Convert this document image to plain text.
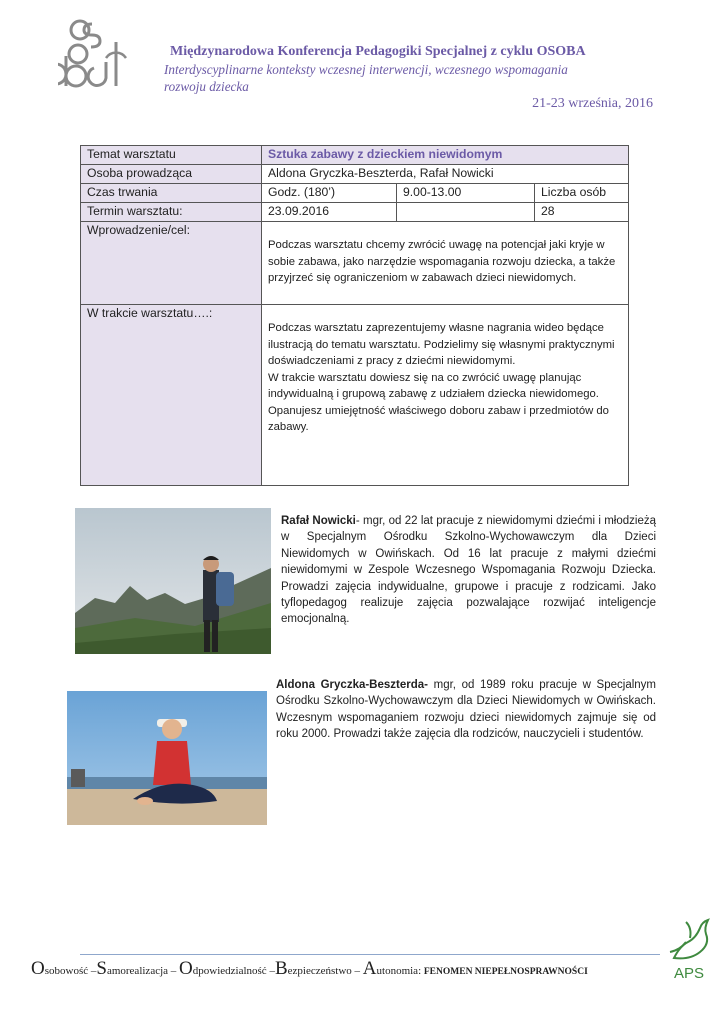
Międzynarodowa Konferencja Pedagogiki Specjalnej z cyklu OSOBA
Interdyscyplinarne konteksty wczesnej interwencji, wczesnego wspomagania
rozwoju dziecka
21-23 września, 2016
Temat warsztatu	Sztuka zabawy z dzieckiem niewidomym		
Osoba prowadząca	Aldona Gryczka-Beszterda, Rafał Nowicki		
Czas trwania	Godz. (180’)	9.00-13.00	Liczba osób
Termin warsztatu:	23.09.2016		28
Wprowadzenie/cel:	Podczas warsztatu chcemy zwrócić uwagę na potencjał jaki kryje w sobie zabawa, jako narzędzie wspomagania rozwoju dziecka, a także przyjrzeć się ograniczeniom w zabawach dzieci niewidomych.		

W trakcie warsztatu….:	Podczas warsztatu zaprezentujemy własne nagrania wideo będące ilustracją do tematu warsztatu. Podzielimy się własnymi praktycznymi doświadczeniami z pracy z dziećmi niewidomymi.

W trakcie warsztatu dowiesz się na co zwrócić uwagę planując indywidualną i grupową zabawę z udziałem dziecka niewidomego.

Opanujesz umiejętność właściwego doboru zabaw i przedmiotów do zabawy.		

Rafał Nowicki- mgr, od 22 lat pracuje z niewidomymi dziećmi i młodzieżą w Specjalnym Ośrodku Szkolno-Wychowawczym dla Dzieci Niewidomych w Owińskach. Od 16 lat pracuje z małymi dziećmi niewidomymi w Zespole Wczesnego Wspomagania Rozwoju Dziecka. Prowadzi zajęcia indywidualne, grupowe i pracuje z rodzicami. Jako tyflopedagog realizuje zajęcia pozwalające rozwijać inteligencje emocjonalną.
Aldona Gryczka-Beszterda- mgr, od 1989 roku pracuje w Specjalnym Ośrodku Szkolno-Wychowawczym dla Dzieci Niewidomych w Owińskach. Wczesnym wspomaganiem rozwoju dzieci niewidomych zajmuje się od roku 2000. Prowadzi także zajęcia dla rodziców, nauczycieli i studentów.
Osobowość –Samorealizacja – Odpowiedzialność –Bezpieczeństwo – Autonomia: FENOMEN NIEPEŁNOSPRAWNOŚCI	APS
